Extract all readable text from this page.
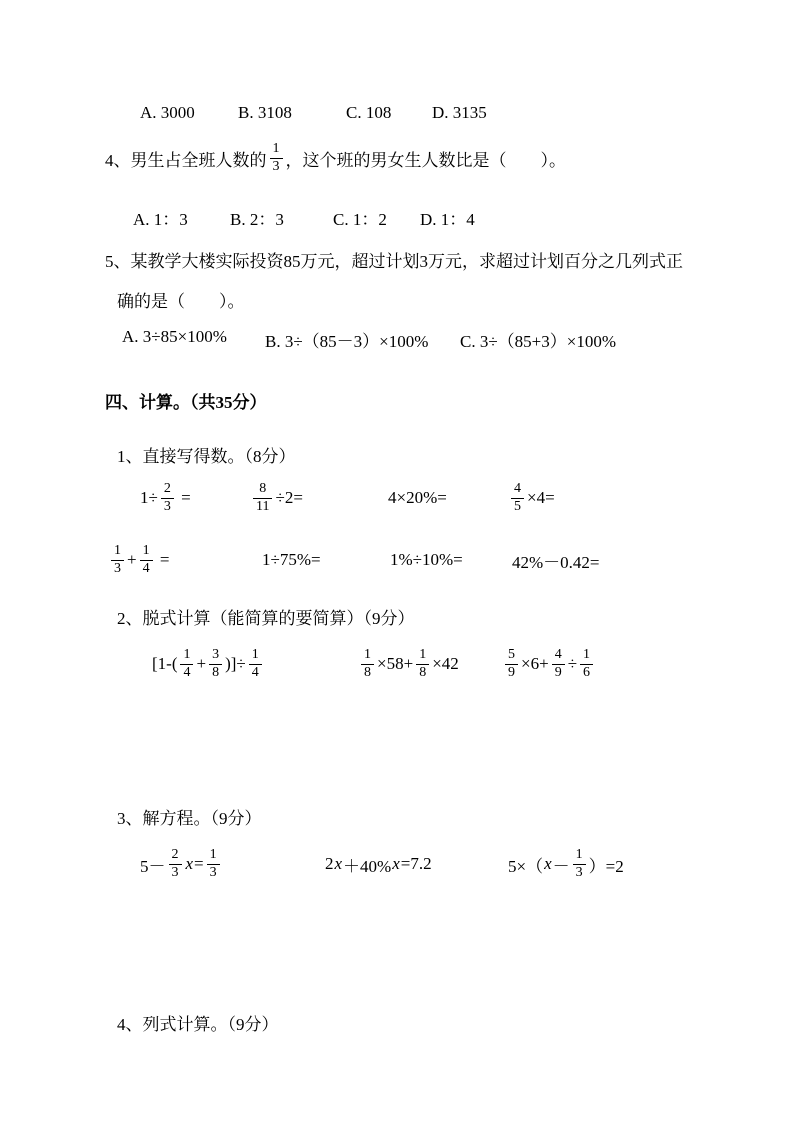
A. 3000	B. 3108	C. 108 D. 3135
4、男生占全班人数的 $\frac{1}{3}$ ，这个班的男女生人数比是（　　）。
A. 1：3 B. 2：3	C. 1：2 D. 1：4
5、某教学大楼实际投资85万元，超过计划3万元，求超过计划百分之几列式正
确的是（　　）。
A. 3÷85×100% B. 3÷（85－3）×100% C. 3÷（85+3）×100%
四、计算。（共35分）
1、直接写得数。（8分）
$1\div \frac{2}{3}$ =	$\frac{8}{11} \div 2=$	4×20%=	$\frac{4}{5} \times 4=$
$\frac{1}{3} + \frac{1}{4}$ =	1÷75%=	1%÷10%=	42%－0.42=
2、脱式计算（能简算的要简算）（9分）
[$1-( \frac{1}{4} + \frac{3}{8}$ )]÷ $\frac{1}{4}$	$\frac{1}{8} \times 58+ \frac{1}{8} \times 42$	$\frac{5}{9} \times 6+ \frac{4}{9} \div \frac{1}{6}$
3、解方程。（9分）
$5- \frac{2}{3}$ $x = \frac{1}{3}$	2 x ＋40% x =7.2	5×（ $x - \frac{1}{3} )=2$
4、列式计算。（9分）
